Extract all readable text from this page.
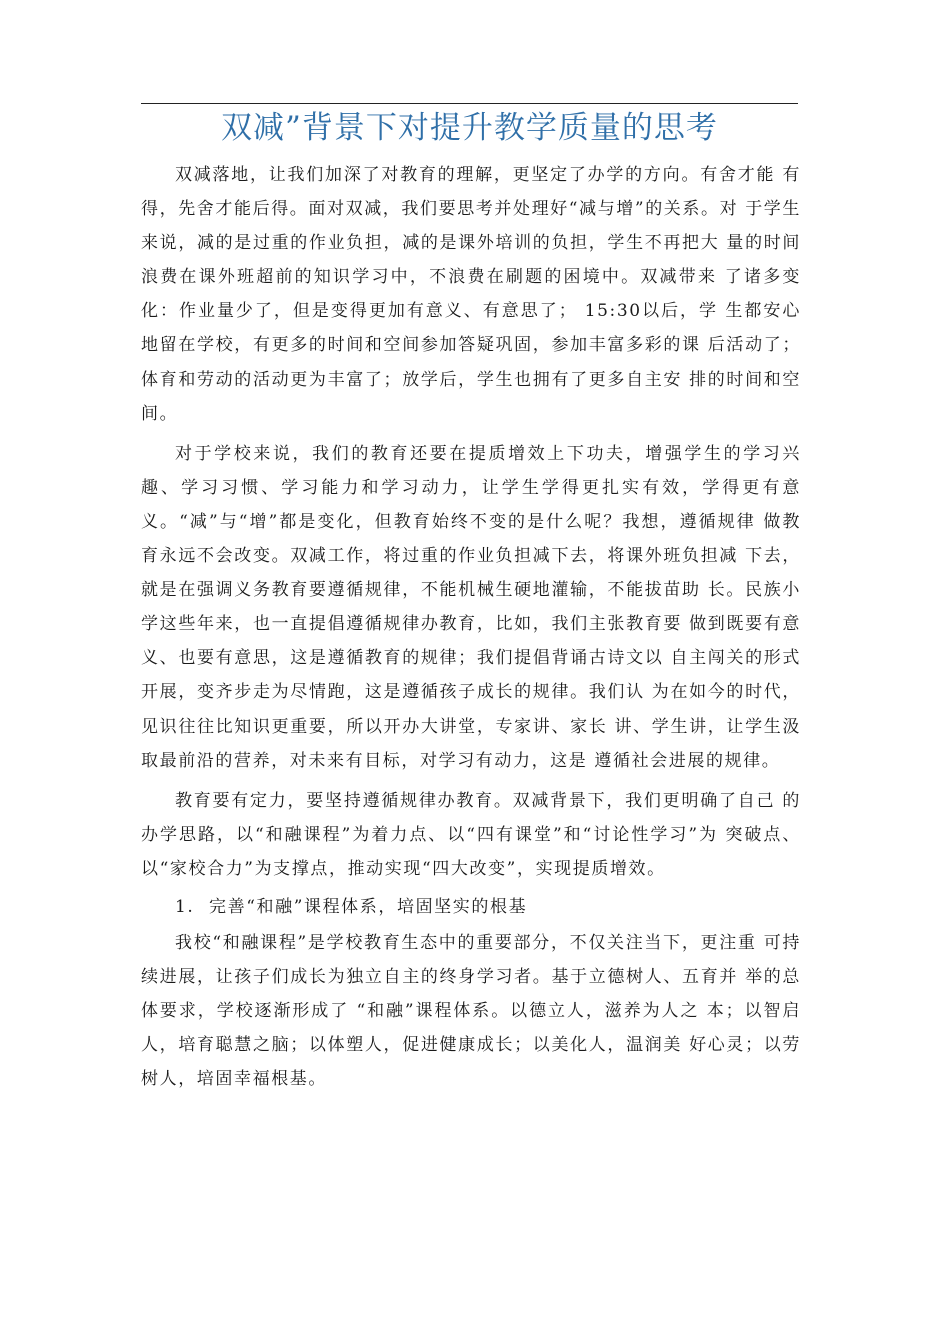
双减”背景下对提升教学质量的思考

双减落地，让我们加深了对教育的理解，更坚定了办学的方向。有舍才能 有得，先舍才能后得。面对双减，我们要思考并处理好“减与增”的关系。对 于学生来说，减的是过重的作业负担，减的是课外培训的负担，学生不再把大 量的时间浪费在课外班超前的知识学习中，不浪费在刷题的困境中。双减带来 了诸多变化：作业量少了，但是变得更加有意义、有意思了； 15:30以后，学 生都安心地留在学校，有更多的时间和空间参加答疑巩固，参加丰富多彩的课 后活动了；体育和劳动的活动更为丰富了；放学后，学生也拥有了更多自主安 排的时间和空间。

对于学校来说，我们的教育还要在提质增效上下功夫，增强学生的学习兴趣、学习习惯、学习能力和学习动力，让学生学得更扎实有效，学得更有意义。“减”与“增”都是变化，但教育始终不变的是什么呢？我想，遵循规律 做教育永远不会改变。双减工作，将过重的作业负担减下去，将课外班负担减 下去，就是在强调义务教育要遵循规律，不能机械生硬地灌输，不能拔苗助 长。民族小学这些年来，也一直提倡遵循规律办教育，比如，我们主张教育要 做到既要有意义、也要有意思，这是遵循教育的规律；我们提倡背诵古诗文以 自主闯关的形式开展，变齐步走为尽情跑，这是遵循孩子成长的规律。我们认 为在如今的时代，见识往往比知识更重要，所以开办大讲堂，专家讲、家长 讲、学生讲，让学生汲取最前沿的营养，对未来有目标，对学习有动力，这是 遵循社会进展的规律。

教育要有定力，要坚持遵循规律办教育。双减背景下，我们更明确了自己 的办学思路，以“和融课程”为着力点、以“四有课堂”和“讨论性学习”为 突破点、以“家校合力”为支撑点，推动实现“四大改变”，实现提质增效。

1. 完善“和融”课程体系，培固坚实的根基

我校“和融课程”是学校教育生态中的重要部分，不仅关注当下，更注重 可持续进展，让孩子们成长为独立自主的终身学习者。基于立德树人、五育并 举的总体要求，学校逐渐形成了 “和融”课程体系。以德立人，滋养为人之 本；以智启人，培育聪慧之脑；以体塑人，促进健康成长；以美化人，温润美 好心灵；以劳树人，培固幸福根基。
